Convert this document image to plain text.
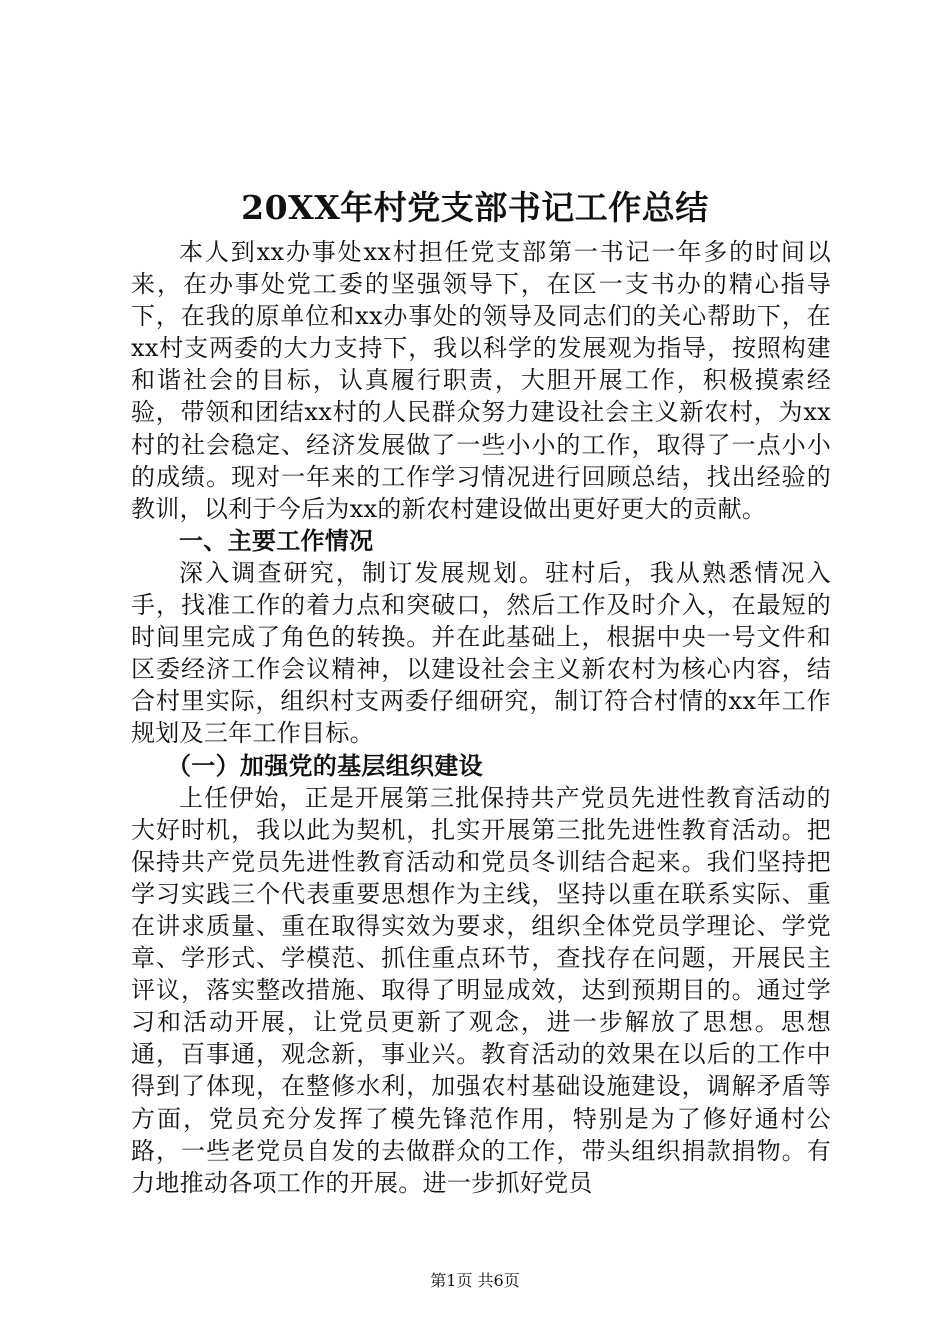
20XX年村党支部书记工作总结

本人到xx办事处xx村担任党支部第一书记一年多的时间以来，在办事处党工委的坚强领导下，在区一支书办的精心指导下，在我的原单位和xx办事处的领导及同志们的关心帮助下，在xx村支两委的大力支持下，我以科学的发展观为指导，按照构建和谐社会的目标，认真履行职责，大胆开展工作，积极摸索经验，带领和团结xx村的人民群众努力建设社会主义新农村，为xx村的社会稳定、经济发展做了一些小小的工作，取得了一点小小的成绩。现对一年来的工作学习情况进行回顾总结，找出经验的教训，以利于今后为xx的新农村建设做出更好更大的贡献。

一、主要工作情况

深入调查研究，制订发展规划。驻村后，我从熟悉情况入手，找准工作的着力点和突破口，然后工作及时介入，在最短的时间里完成了角色的转换。并在此基础上，根据中央一号文件和区委经济工作会议精神，以建设社会主义新农村为核心内容，结合村里实际，组织村支两委仔细研究，制订符合村情的xx年工作规划及三年工作目标。

（一）加强党的基层组织建设

上任伊始，正是开展第三批保持共产党员先进性教育活动的大好时机，我以此为契机，扎实开展第三批先进性教育活动。把保持共产党员先进性教育活动和党员冬训结合起来。我们坚持把学习实践三个代表重要思想作为主线，坚持以重在联系实际、重在讲求质量、重在取得实效为要求，组织全体党员学理论、学党章、学形式、学模范、抓住重点环节，查找存在问题，开展民主评议，落实整改措施、取得了明显成效，达到预期目的。通过学习和活动开展，让党员更新了观念，进一步解放了思想。思想通，百事通，观念新，事业兴。教育活动的效果在以后的工作中得到了体现，在整修水利，加强农村基础设施建设，调解矛盾等方面，党员充分发挥了模先锋范作用，特别是为了修好通村公路，一些老党员自发的去做群众的工作，带头组织捐款捐物。有力地推动各项工作的开展。进一步抓好党员

第1页 共6页
